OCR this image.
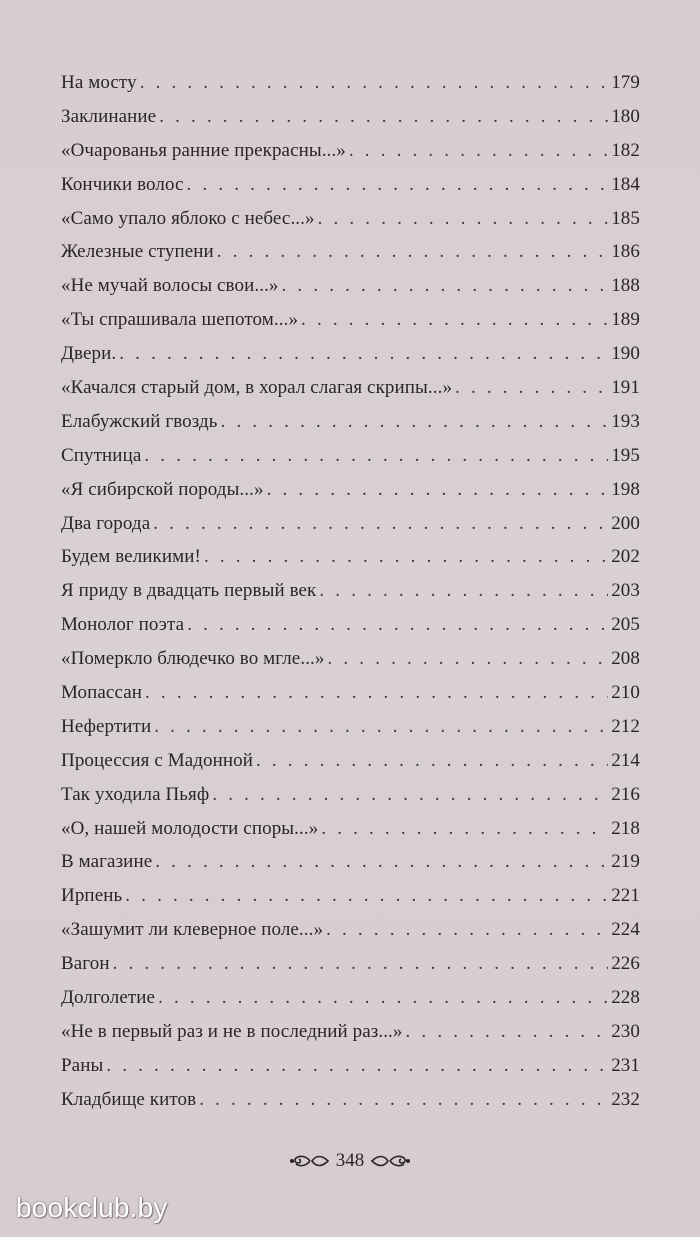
На мосту . . .	179
Заклинание . . .	180
«Очарованья ранние прекрасны...» . . .	182
Кончики волос . . .	184
«Само упало яблоко с небес...» . . .	185
Железные ступени . . .	186
«Не мучай волосы свои...» . . .	188
«Ты спрашивала шепотом...» . . .	189
Двери. . . .	190
«Качался старый дом, в хорал слагая скрипы...» . . .	191
Елабужский гвоздь . . .	193
Спутница . . .	195
«Я сибирской породы...» . . .	198
Два города . . .	200
Будем великими! . . .	202
Я приду в двадцать первый век . . .	203
Монолог поэта . . .	205
«Померкло блюдечко во мгле...» . . .	208
Мопассан . . .	210
Нефертити . . .	212
Процессия с Мадонной . . .	214
Так уходила Пьяф . . .	216
«О, нашей молодости споры...» . . .	218
В магазине . . .	219
Ирпень . . .	221
«Зашумит ли клеверное поле...» . . .	224
Вагон . . .	226
Долголетие . . .	228
«Не в первый раз и не в последний раз...» . . .	230
Раны . . .	231
Кладбище китов . . .	232
348
bookclub.by
